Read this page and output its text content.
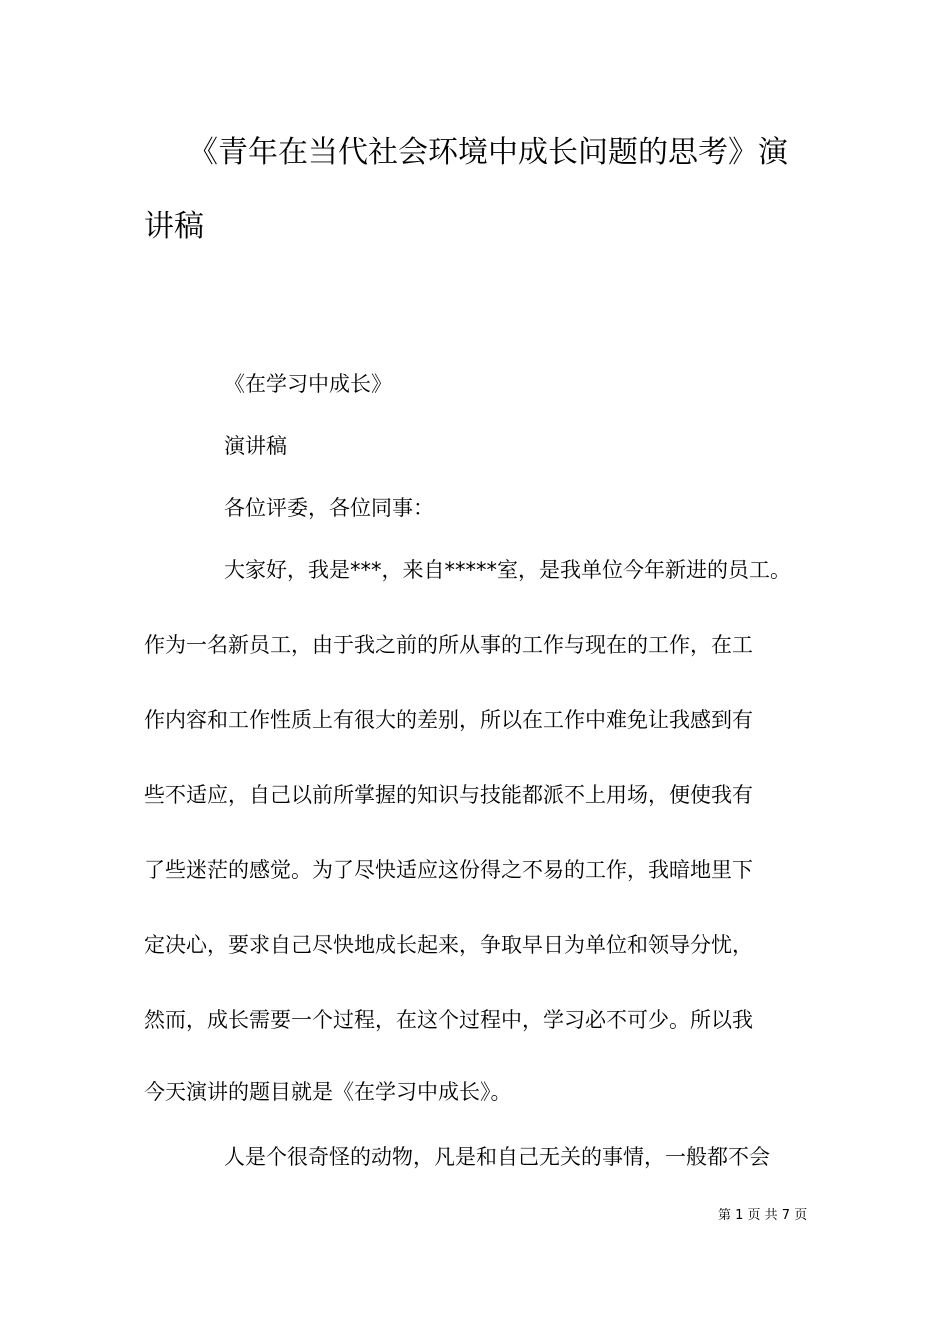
《青年在当代社会环境中成长问题的思考》演
讲稿
《在学习中成长》
演讲稿
各位评委，各位同事：
大家好，我是***，来自*****室，是我单位今年新进的员工。
作为一名新员工，由于我之前的所从事的工作与现在的工作，在工
作内容和工作性质上有很大的差别，所以在工作中难免让我感到有
些不适应，自己以前所掌握的知识与技能都派不上用场，便使我有
了些迷茫的感觉。为了尽快适应这份得之不易的工作，我暗地里下
定决心，要求自己尽快地成长起来，争取早日为单位和领导分忧，
然而，成长需要一个过程，在这个过程中，学习必不可少。所以我
今天演讲的题目就是《在学习中成长》。
人是个很奇怪的动物，凡是和自己无关的事情，一般都不会
第 1 页 共 7 页
